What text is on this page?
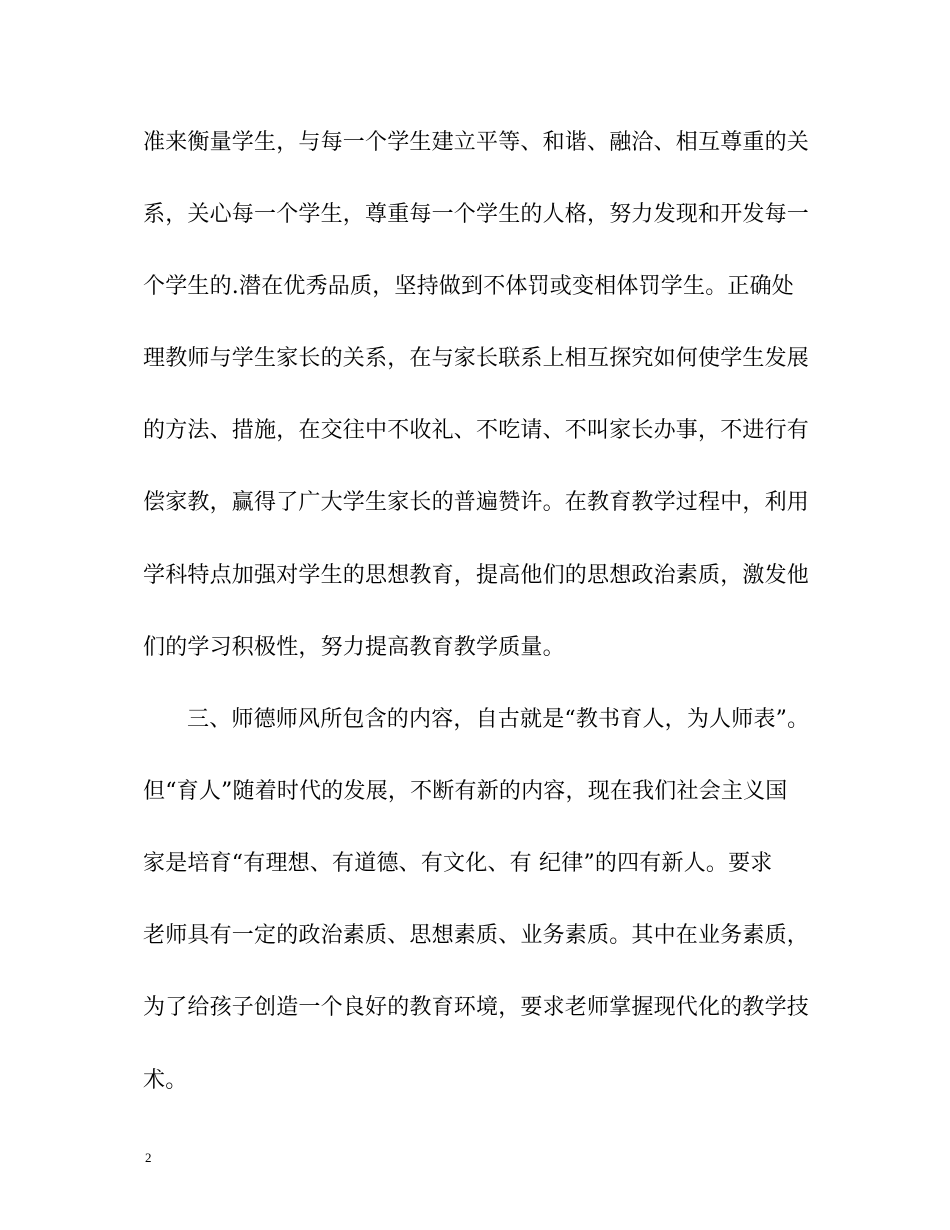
准来衡量学生，与每一个学生建立平等、和谐、融洽、相互尊重的关

系，关心每一个学生，尊重每一个学生的人格，努力发现和开发每一

个学生的.潜在优秀品质，坚持做到不体罚或变相体罚学生。正确处

理教师与学生家长的关系，在与家长联系上相互探究如何使学生发展

的方法、措施，在交往中不收礼、不吃请、不叫家长办事，不进行有

偿家教，赢得了广大学生家长的普遍赞许。在教育教学过程中，利用

学科特点加强对学生的思想教育，提高他们的思想政治素质，激发他

们的学习积极性，努力提高教育教学质量。

三、师德师风所包含的内容，自古就是“教书育人，为人师表”。

但“育人”随着时代的发展，不断有新的内容，现在我们社会主义国

家是培育“有理想、有道德、有文化、有 纪律”的四有新人。要求

老师具有一定的政治素质、思想素质、业务素质。其中在业务素质，

为了给孩子创造一个良好的教育环境，要求老师掌握现代化的教学技

术。

2
